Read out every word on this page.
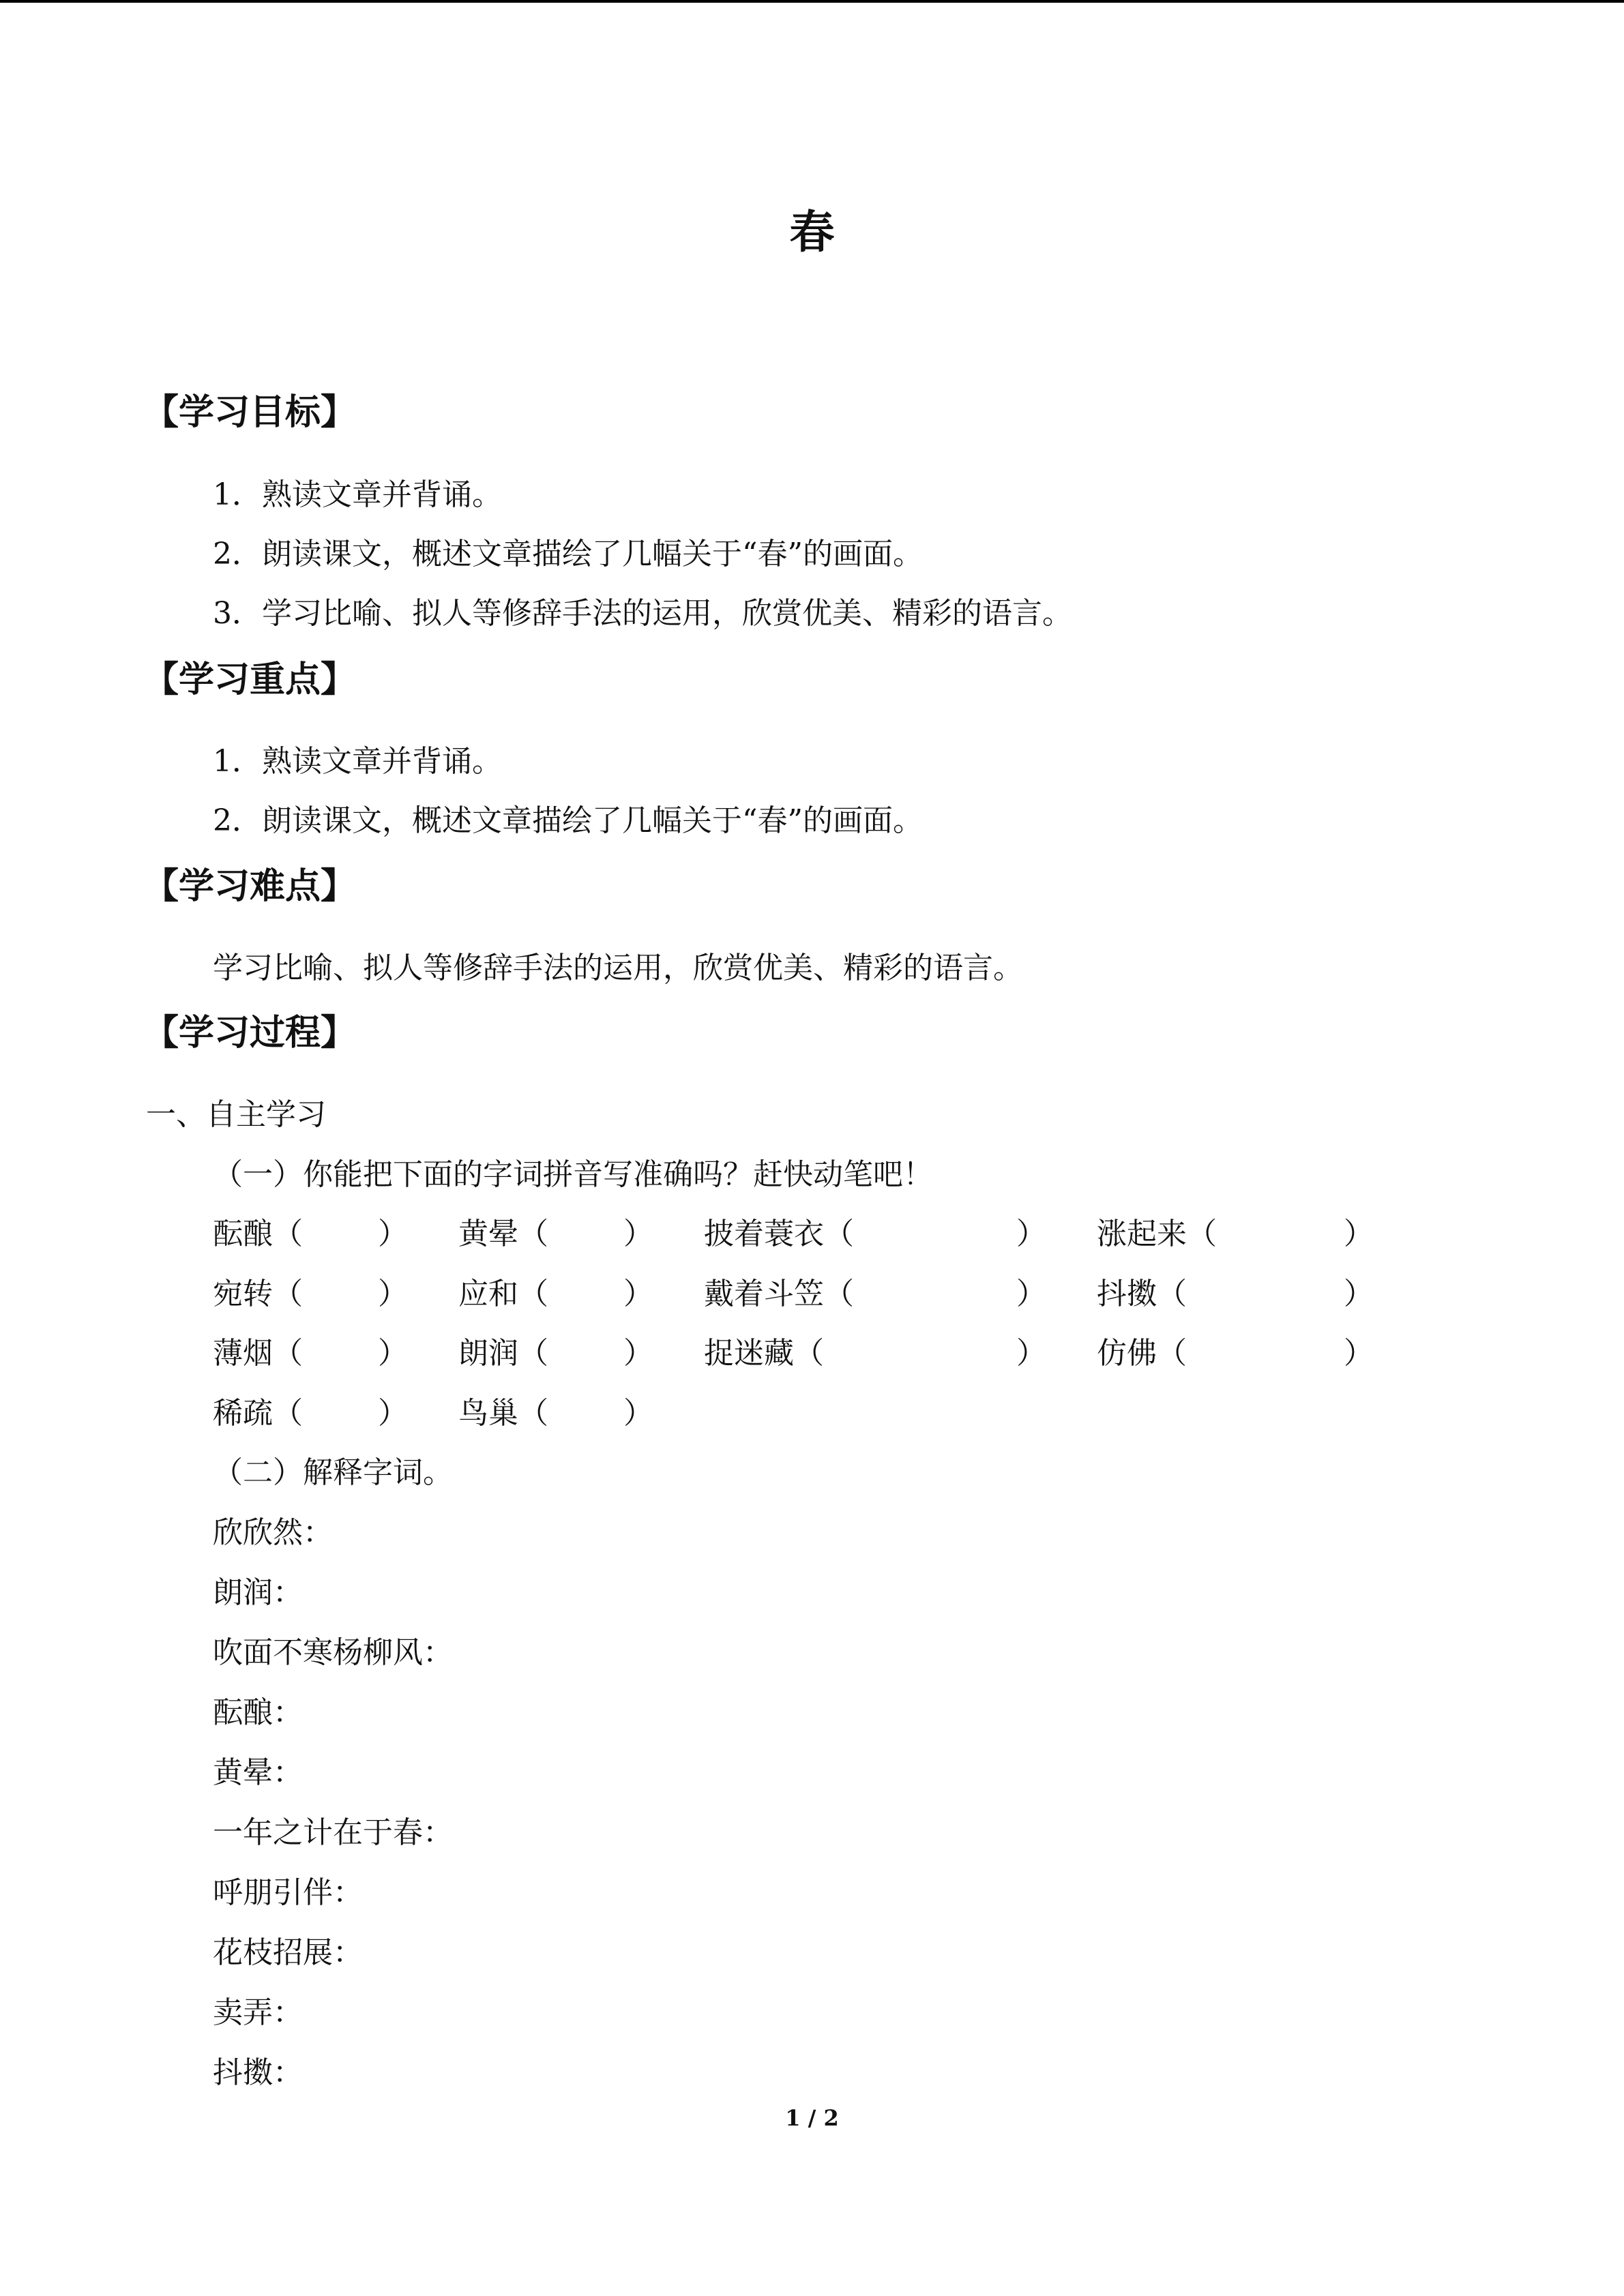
春
【学习目标】
1．熟读文章并背诵。
2．朗读课文，概述文章描绘了几幅关于“春”的画面。
3．学习比喻、拟人等修辞手法的运用，欣赏优美、精彩的语言。
【学习重点】
1．熟读文章并背诵。
2．朗读课文，概述文章描绘了几幅关于“春”的画面。
【学习难点】
学习比喻、拟人等修辞手法的运用，欣赏优美、精彩的语言。
【学习过程】
一、自主学习
（一）你能把下面的字词拼音写准确吗？赶快动笔吧！
酝酿（	） 黄晕（	） 披着蓑衣（	） 涨起来（	）
宛转（	） 应和（	） 戴着斗笠（	） 抖擞（	）
薄烟（	） 朗润（	） 捉迷藏（	） 仿佛（	）
稀疏（	） 鸟巢（	）
（二）解释字词。
欣欣然：
朗润：
吹面不寒杨柳风：
酝酿：
黄晕：
一年之计在于春：
呼朋引伴：
花枝招展：
卖弄：
抖擞：
1 / 2
